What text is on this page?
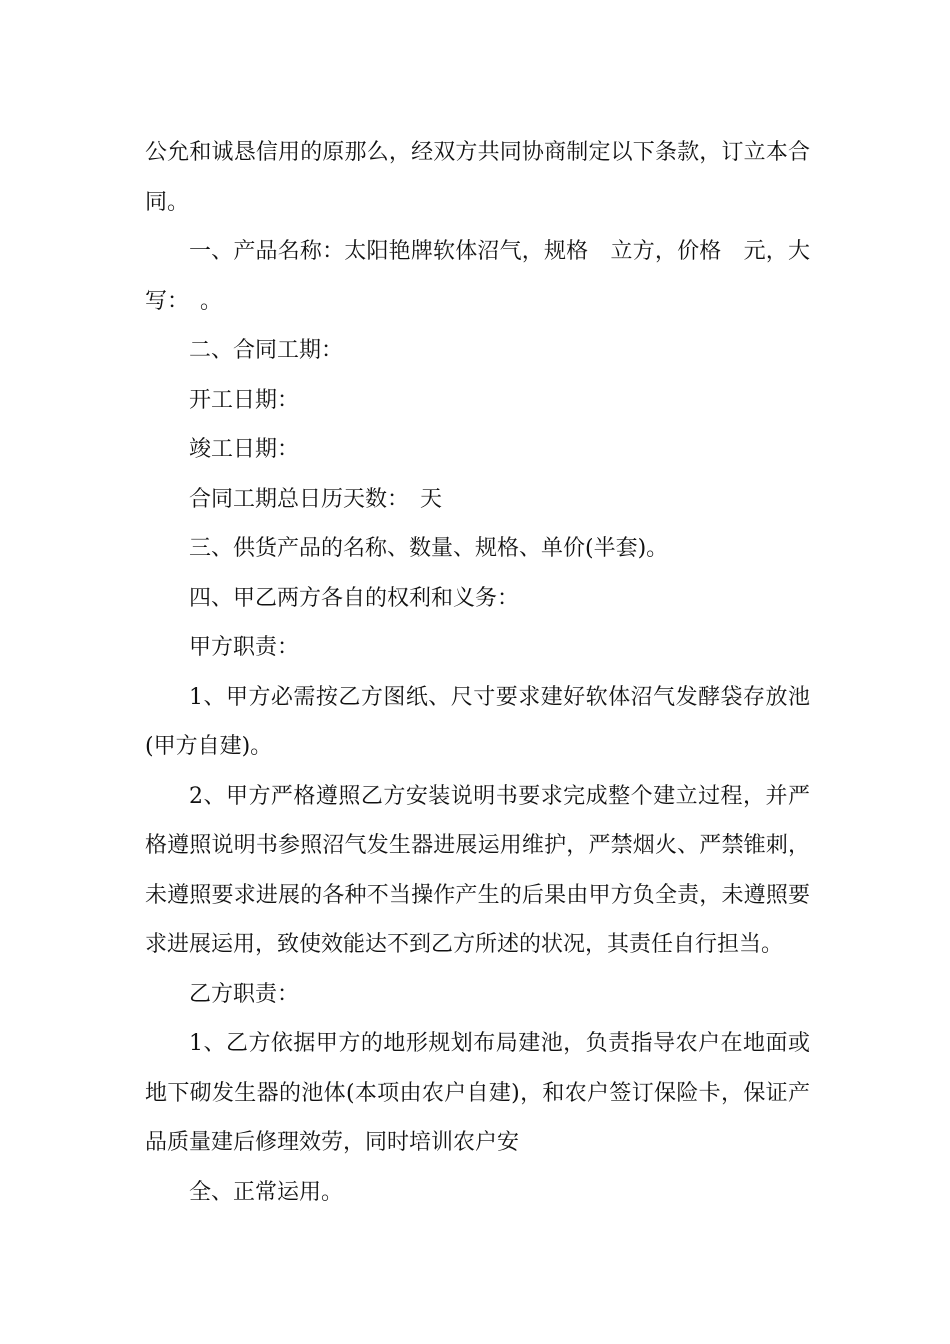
公允和诚恳信用的原那么，经双方共同协商制定以下条款，订立本合同。

一、产品名称：太阳艳牌软体沼气，规格　立方，价格　元，大写：　。

二、合同工期：

开工日期：

竣工日期：

合同工期总日历天数：　天

三、供货产品的名称、数量、规格、单价(半套)。

四、甲乙两方各自的权利和义务：

甲方职责：

1、甲方必需按乙方图纸、尺寸要求建好软体沼气发酵袋存放池(甲方自建)。

2、甲方严格遵照乙方安装说明书要求完成整个建立过程，并严格遵照说明书参照沼气发生器进展运用维护，严禁烟火、严禁锥刺，未遵照要求进展的各种不当操作产生的后果由甲方负全责，未遵照要求进展运用，致使效能达不到乙方所述的状况，其责任自行担当。

乙方职责：

1、乙方依据甲方的地形规划布局建池，负责指导农户在地面或地下砌发生器的池体(本项由农户自建)，和农户签订保险卡，保证产品质量建后修理效劳，同时培训农户安

全、正常运用。
